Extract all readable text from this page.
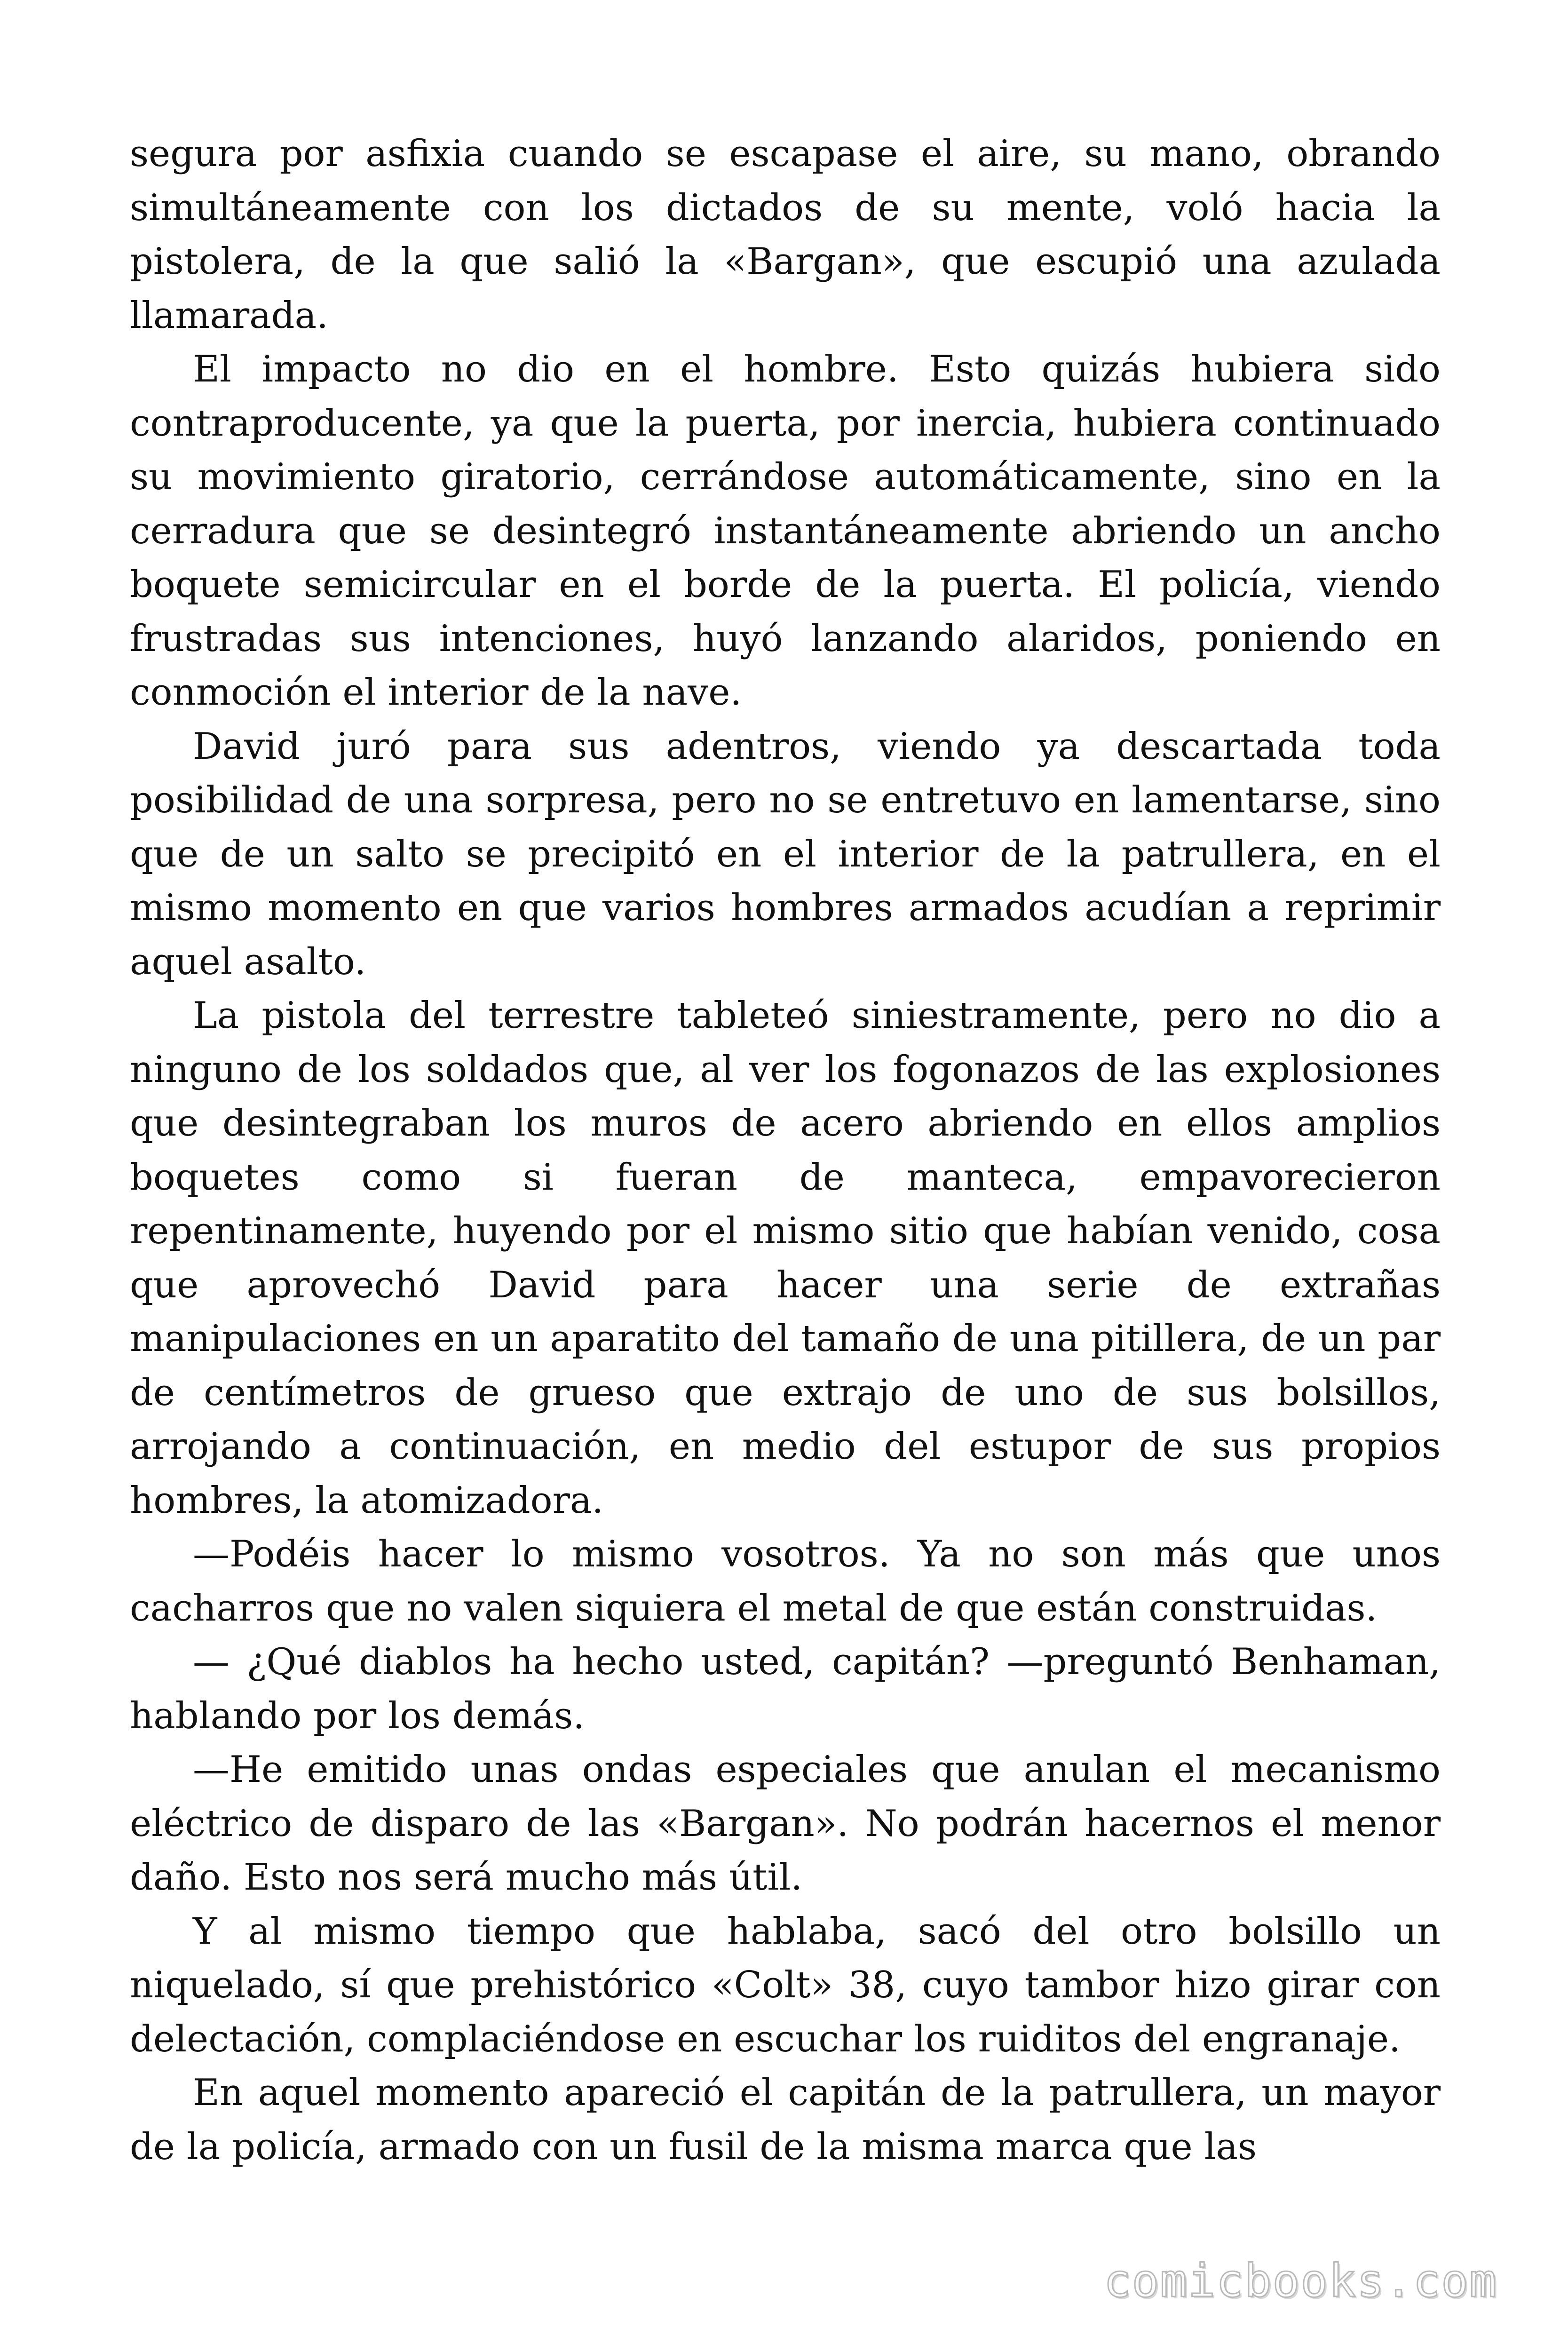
segura por asfixia cuando se escapase el aire, su mano, obrando simultáneamente con los dictados de su mente, voló hacia la pistolera, de la que salió la «Bargan», que escupió una azulada llamarada.

El impacto no dio en el hombre. Esto quizás hubiera sido contraproducente, ya que la puerta, por inercia, hubiera continuado su movimiento giratorio, cerrándose automáticamente, sino en la cerradura que se desintegró instantáneamente abriendo un ancho boquete semicircular en el borde de la puerta. El policía, viendo frustradas sus intenciones, huyó lanzando alaridos, poniendo en conmoción el interior de la nave.

David juró para sus adentros, viendo ya descartada toda posibilidad de una sorpresa, pero no se entretuvo en lamentarse, sino que de un salto se precipitó en el interior de la patrullera, en el mismo momento en que varios hombres armados acudían a reprimir aquel asalto.

La pistola del terrestre tableteó siniestramente, pero no dio a ninguno de los soldados que, al ver los fogonazos de las explosiones que desintegraban los muros de acero abriendo en ellos amplios boquetes como si fueran de manteca, empavorecieron repentinamente, huyendo por el mismo sitio que habían venido, cosa que aprovechó David para hacer una serie de extrañas manipulaciones en un aparatito del tamaño de una pitillera, de un par de centímetros de grueso que extrajo de uno de sus bolsillos, arrojando a continuación, en medio del estupor de sus propios hombres, la atomizadora.

—Podéis hacer lo mismo vosotros. Ya no son más que unos cacharros que no valen siquiera el metal de que están construidas.

— ¿Qué diablos ha hecho usted, capitán? —preguntó Benhaman, hablando por los demás.

—He emitido unas ondas especiales que anulan el mecanismo eléctrico de disparo de las «Bargan». No podrán hacernos el menor daño. Esto nos será mucho más útil.

Y al mismo tiempo que hablaba, sacó del otro bolsillo un niquelado, sí que prehistórico «Colt» 38, cuyo tambor hizo girar con delectación, complaciéndose en escuchar los ruiditos del engranaje.

En aquel momento apareció el capitán de la patrullera, un mayor de la policía, armado con un fusil de la misma marca que las

comicbooks.com
